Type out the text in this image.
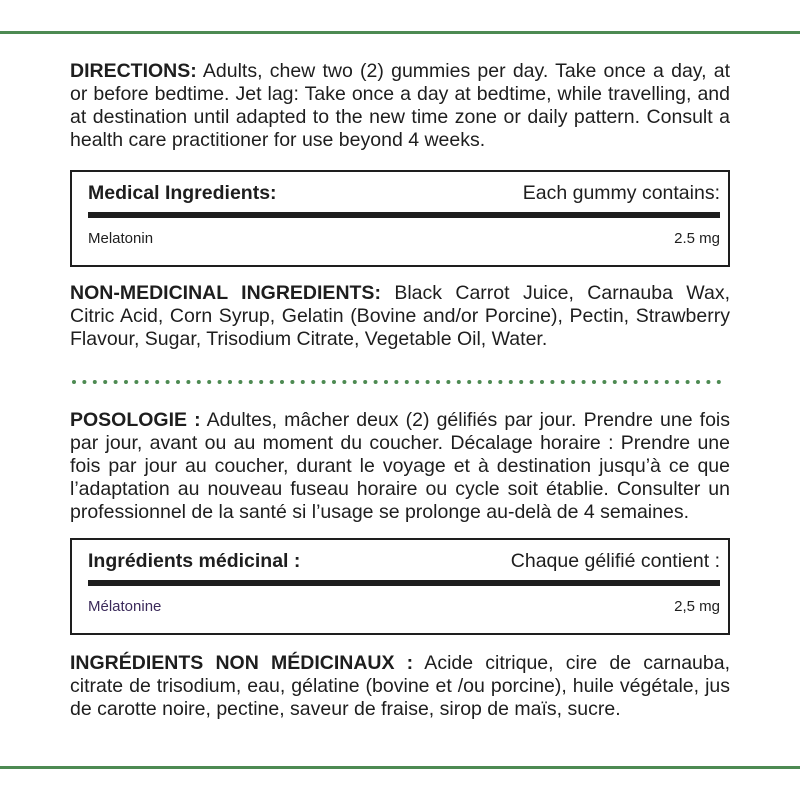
DIRECTIONS: Adults, chew two (2) gummies per day. Take once a day, at or before bedtime. Jet lag: Take once a day at bedtime, while travelling, and at destination until adapted to the new time zone or daily pattern. Consult a health care practitioner for use beyond 4 weeks.
Medical Ingredients:	Each gummy contains:
Melatonin	2.5 mg
NON-MEDICINAL INGREDIENTS: Black Carrot Juice, Carnauba Wax, Citric Acid, Corn Syrup, Gelatin (Bovine and/or Porcine), Pectin, Strawberry Flavour, Sugar, Trisodium Citrate, Vegetable Oil, Water.
POSOLOGIE : Adultes, mâcher deux (2) gélifiés par jour. Prendre une fois par jour, avant ou au moment du coucher. Décalage horaire : Prendre une fois par jour au coucher, durant le voyage et à destination jusqu’à ce que l’adaptation au nouveau fuseau horaire ou cycle soit établie. Consulter un professionnel de la santé si l’usage se prolonge au-delà de 4 semaines.
Ingrédients médicinal :	Chaque gélifié contient :
Mélatonine	2,5 mg
INGRÉDIENTS NON MÉDICINAUX : Acide citrique, cire de carnauba, citrate de trisodium, eau, gélatine (bovine et /ou porcine), huile végétale, jus de carotte noire, pectine, saveur de fraise, sirop de maïs, sucre.
